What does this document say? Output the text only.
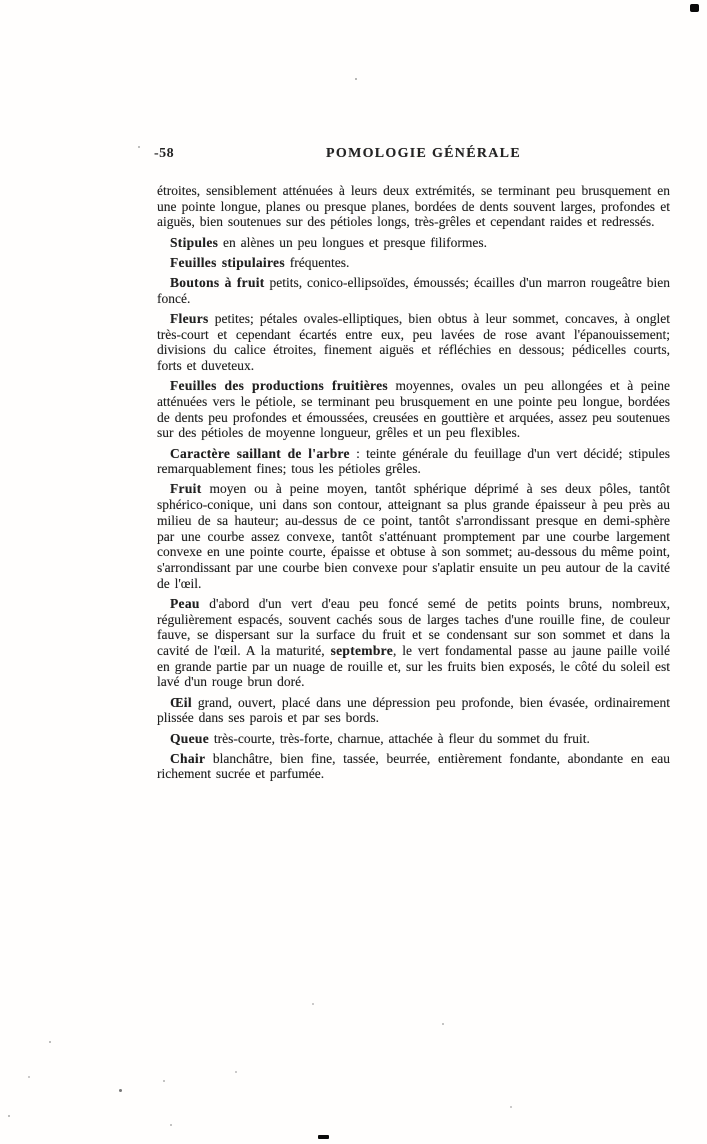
-58	POMOLOGIE GÉNÉRALE

étroites, sensiblement atténuées à leurs deux extrémités, se terminant peu brusquement en une pointe longue, planes ou presque planes, bordées de dents souvent larges, profondes et aiguës, bien soutenues sur des pétioles longs, très-grêles et cependant raides et redressés.

Stipules en alènes un peu longues et presque filiformes.

Feuilles stipulaires fréquentes.

Boutons à fruit petits, conico-ellipsoïdes, émoussés; écailles d'un marron rougeâtre bien foncé.

Fleurs petites; pétales ovales-elliptiques, bien obtus à leur sommet, concaves, à onglet très-court et cependant écartés entre eux, peu lavées de rose avant l'épanouissement; divisions du calice étroites, finement aiguës et réfléchies en dessous; pédicelles courts, forts et duveteux.

Feuilles des productions fruitières moyennes, ovales un peu allongées et à peine atténuées vers le pétiole, se terminant peu brusquement en une pointe peu longue, bordées de dents peu profondes et émoussées, creusées en gouttière et arquées, assez peu soutenues sur des pétioles de moyenne longueur, grêles et un peu flexibles.

Caractère saillant de l'arbre : teinte générale du feuillage d'un vert décidé; stipules remarquablement fines; tous les pétioles grêles.

Fruit moyen ou à peine moyen, tantôt sphérique déprimé à ses deux pôles, tantôt sphérico-conique, uni dans son contour, atteignant sa plus grande épaisseur à peu près au milieu de sa hauteur; au-dessus de ce point, tantôt s'arrondissant presque en demi-sphère par une courbe assez convexe, tantôt s'atténuant promptement par une courbe largement convexe en une pointe courte, épaisse et obtuse à son sommet; au-dessous du même point, s'arrondissant par une courbe bien convexe pour s'aplatir ensuite un peu autour de la cavité de l'œil.

Peau d'abord d'un vert d'eau peu foncé semé de petits points bruns, nombreux, régulièrement espacés, souvent cachés sous de larges taches d'une rouille fine, de couleur fauve, se dispersant sur la surface du fruit et se condensant sur son sommet et dans la cavité de l'œil. A la maturité, septembre, le vert fondamental passe au jaune paille voilé en grande partie par un nuage de rouille et, sur les fruits bien exposés, le côté du soleil est lavé d'un rouge brun doré.

Œil grand, ouvert, placé dans une dépression peu profonde, bien évasée, ordinairement plissée dans ses parois et par ses bords.

Queue très-courte, très-forte, charnue, attachée à fleur du sommet du fruit.

Chair blanchâtre, bien fine, tassée, beurrée, entièrement fondante, abondante en eau richement sucrée et parfumée.
